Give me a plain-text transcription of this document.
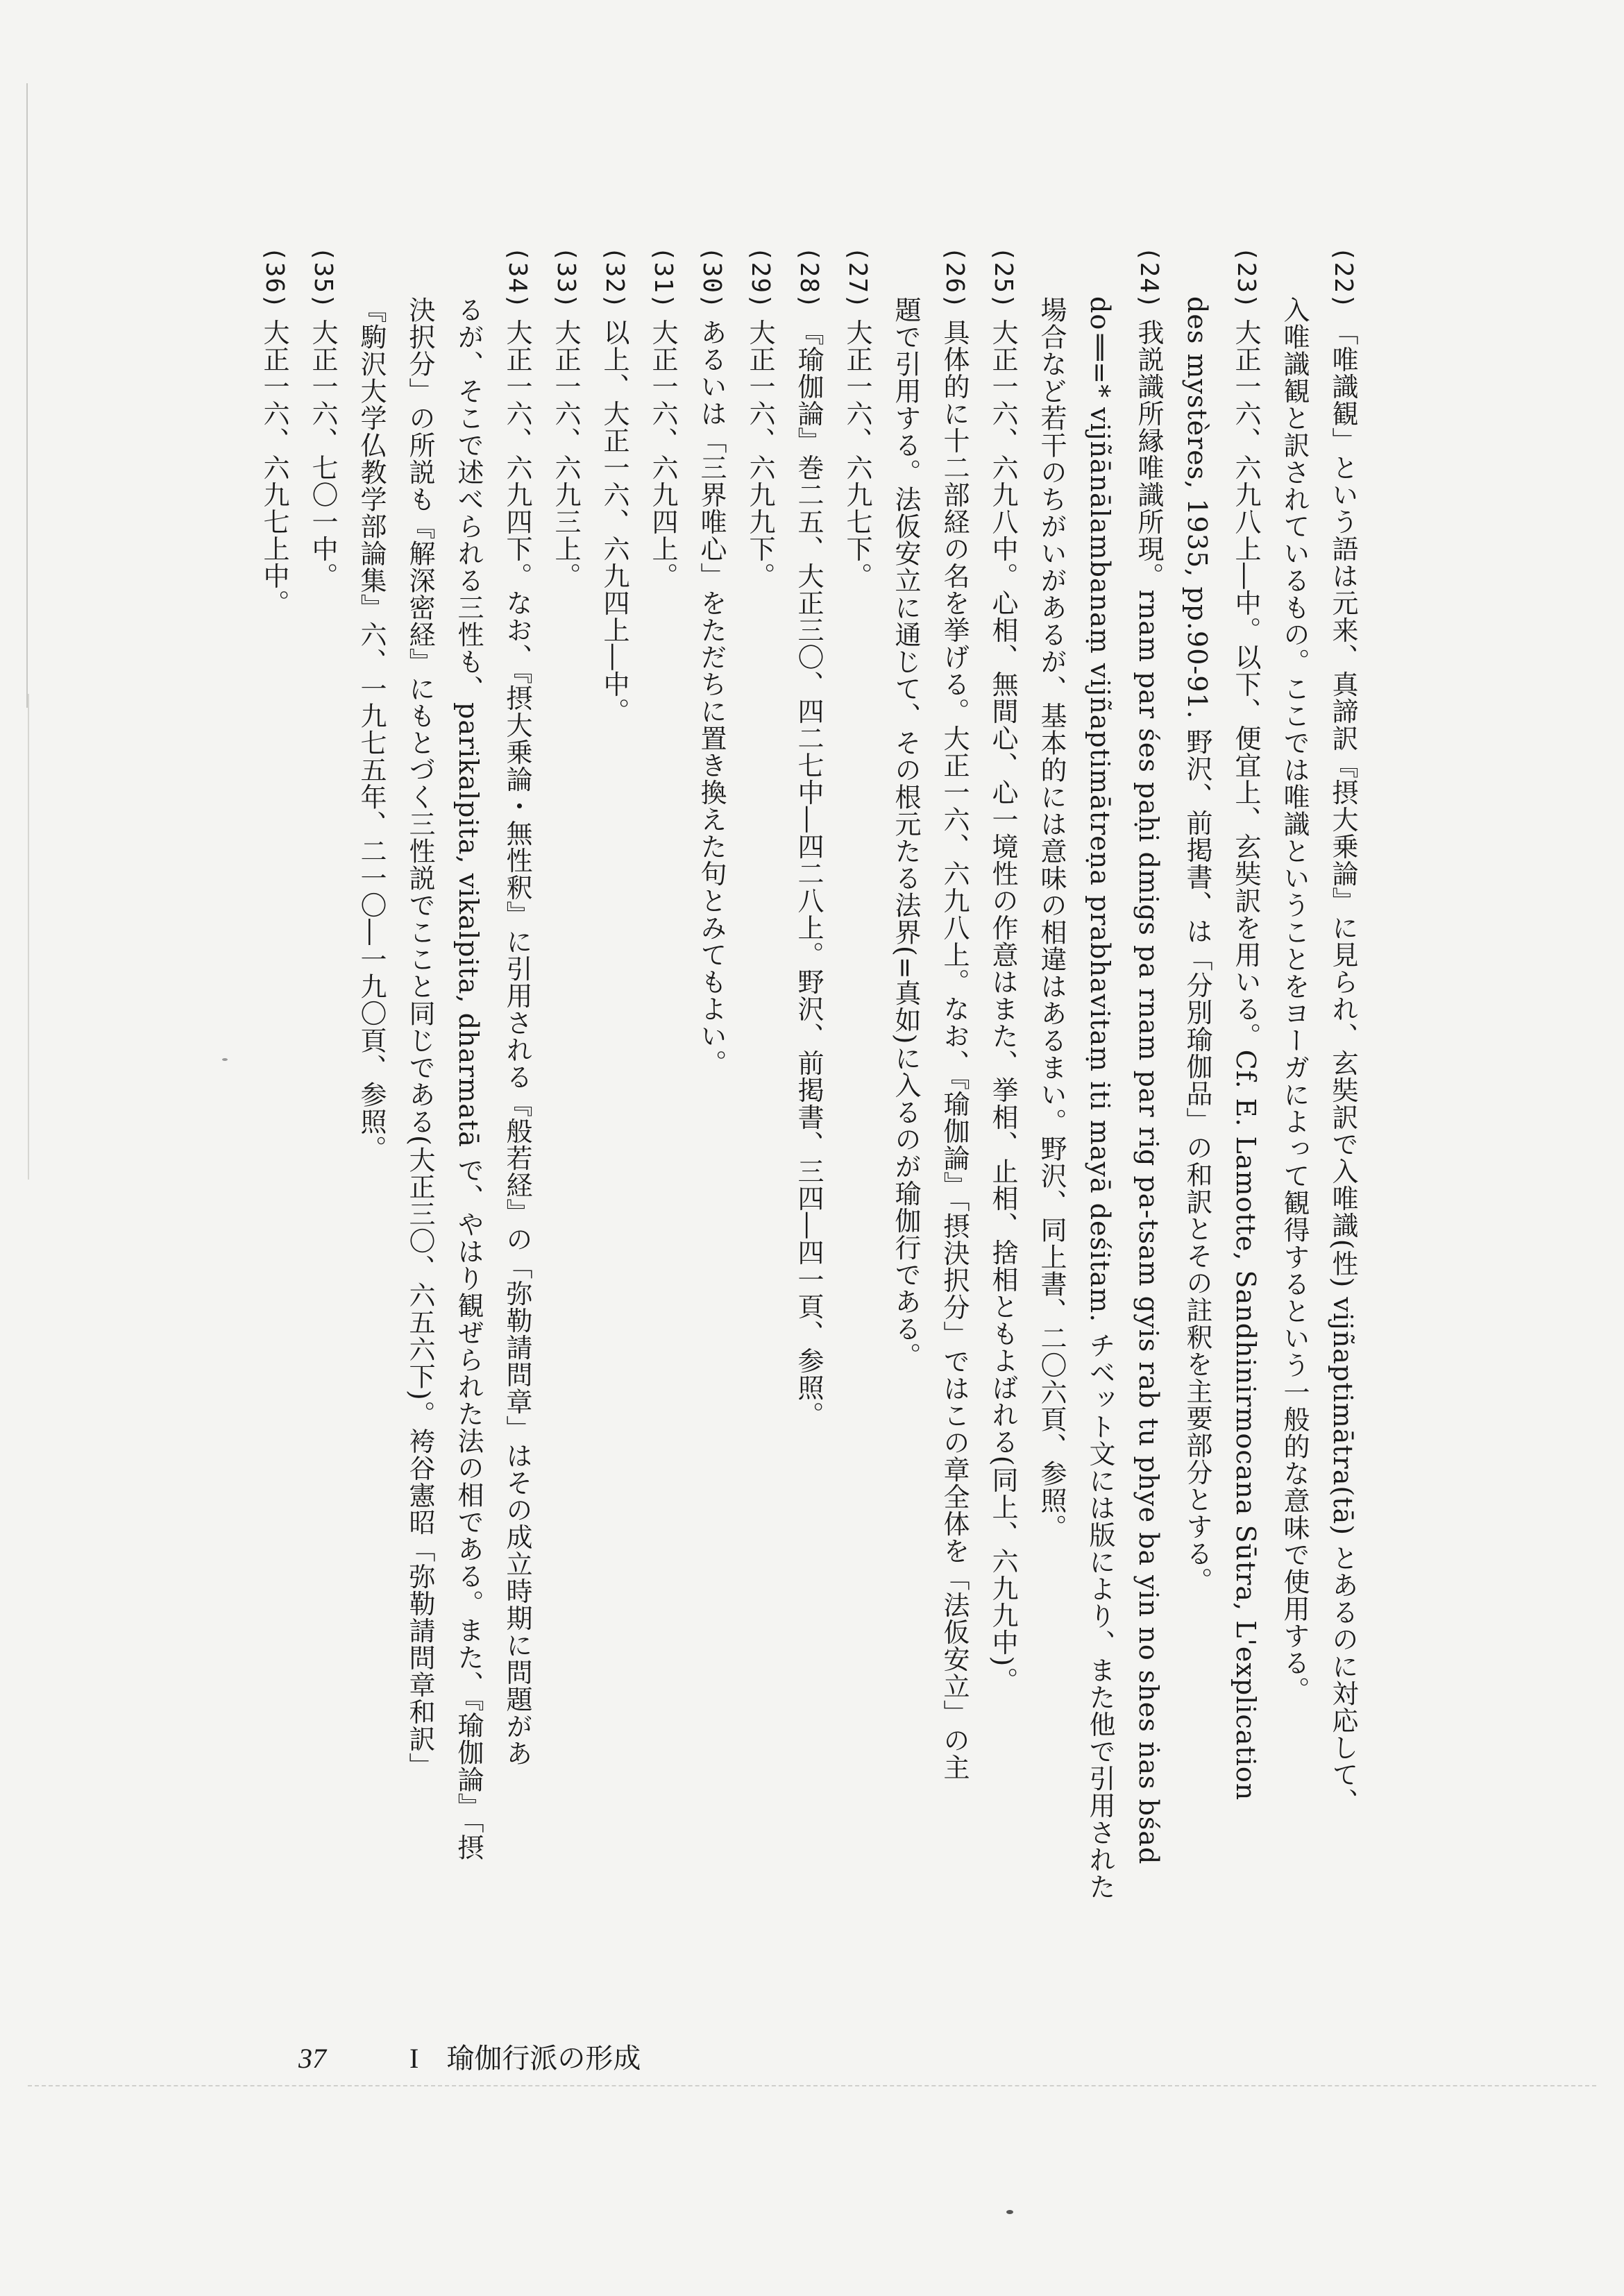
(22)「唯識観」という語は元来、真諦訳『摂大乗論』に見られ、玄奘訳で入唯識(性) vijñaptimātra(tā) とあるのに対応して、
入唯識観と訳されているもの。ここでは唯識ということをヨーガによって観得するという一般的な意味で使用する。
(23)大正一六、六九八上―中。以下、便宜上、玄奘訳を用いる。Cf. E. Lamotte, Sandhinirmocana Sūtra, L'explication
des mystères, 1935, pp.90-91. 野沢、前掲書、は「分別瑜伽品」の和訳とその註釈を主要部分とする。
(24)我説識所縁唯識所現。rnam par śes paḥi dmigs pa rnam par rig pa-tsam gyis rab tu phye ba yin no shes ṅas bśad
do‖=* vijñānālambanaṃ vijñaptimātreṇa prabhavitaṃ iti mayā deśitam. チベット文には版により、また他で引用された
場合など若干のちがいがあるが、基本的には意味の相違はあるまい。野沢、同上書、二〇六頁、参照。
(25)大正一六、六九八中。心相、無間心、心一境性の作意はまた、挙相、止相、捨相ともよばれる(同上、六九九中)。
(26)具体的に十二部経の名を挙げる。大正一六、六九八上。なお、『瑜伽論』「摂決択分」ではこの章全体を「法仮安立」の主
題で引用する。法仮安立に通じて、その根元たる法界(=真如)に入るのが瑜伽行である。
(27)大正一六、六九七下。
(28)『瑜伽論』巻二五、大正三〇、四二七中―四二八上。野沢、前掲書、三四―四一頁、参照。
(29)大正一六、六九九下。
(30)あるいは「三界唯心」をただちに置き換えた句とみてもよい。
(31)大正一六、六九四上。
(32)以上、大正一六、六九四上―中。
(33)大正一六、六九三上。
(34)大正一六、六九四下。なお、『摂大乗論・無性釈』に引用される『般若経』の「弥勒請問章」はその成立時期に問題があ
るが、そこで述べられる三性も、parikalpita, vikalpita, dharmatā で、やはり観ぜられた法の相である。また、『瑜伽論』「摂
決択分」の所説も『解深密経』にもとづく三性説でここと同じである(大正三〇、六五六下)。袴谷憲昭「弥勒請問章和訳」
『駒沢大学仏教学部論集』六、一九七五年、二一〇―一九〇頁、参照。
(35)大正一六、七〇一中。
(36)大正一六、六九七上中。
37	I 瑜伽行派の形成
